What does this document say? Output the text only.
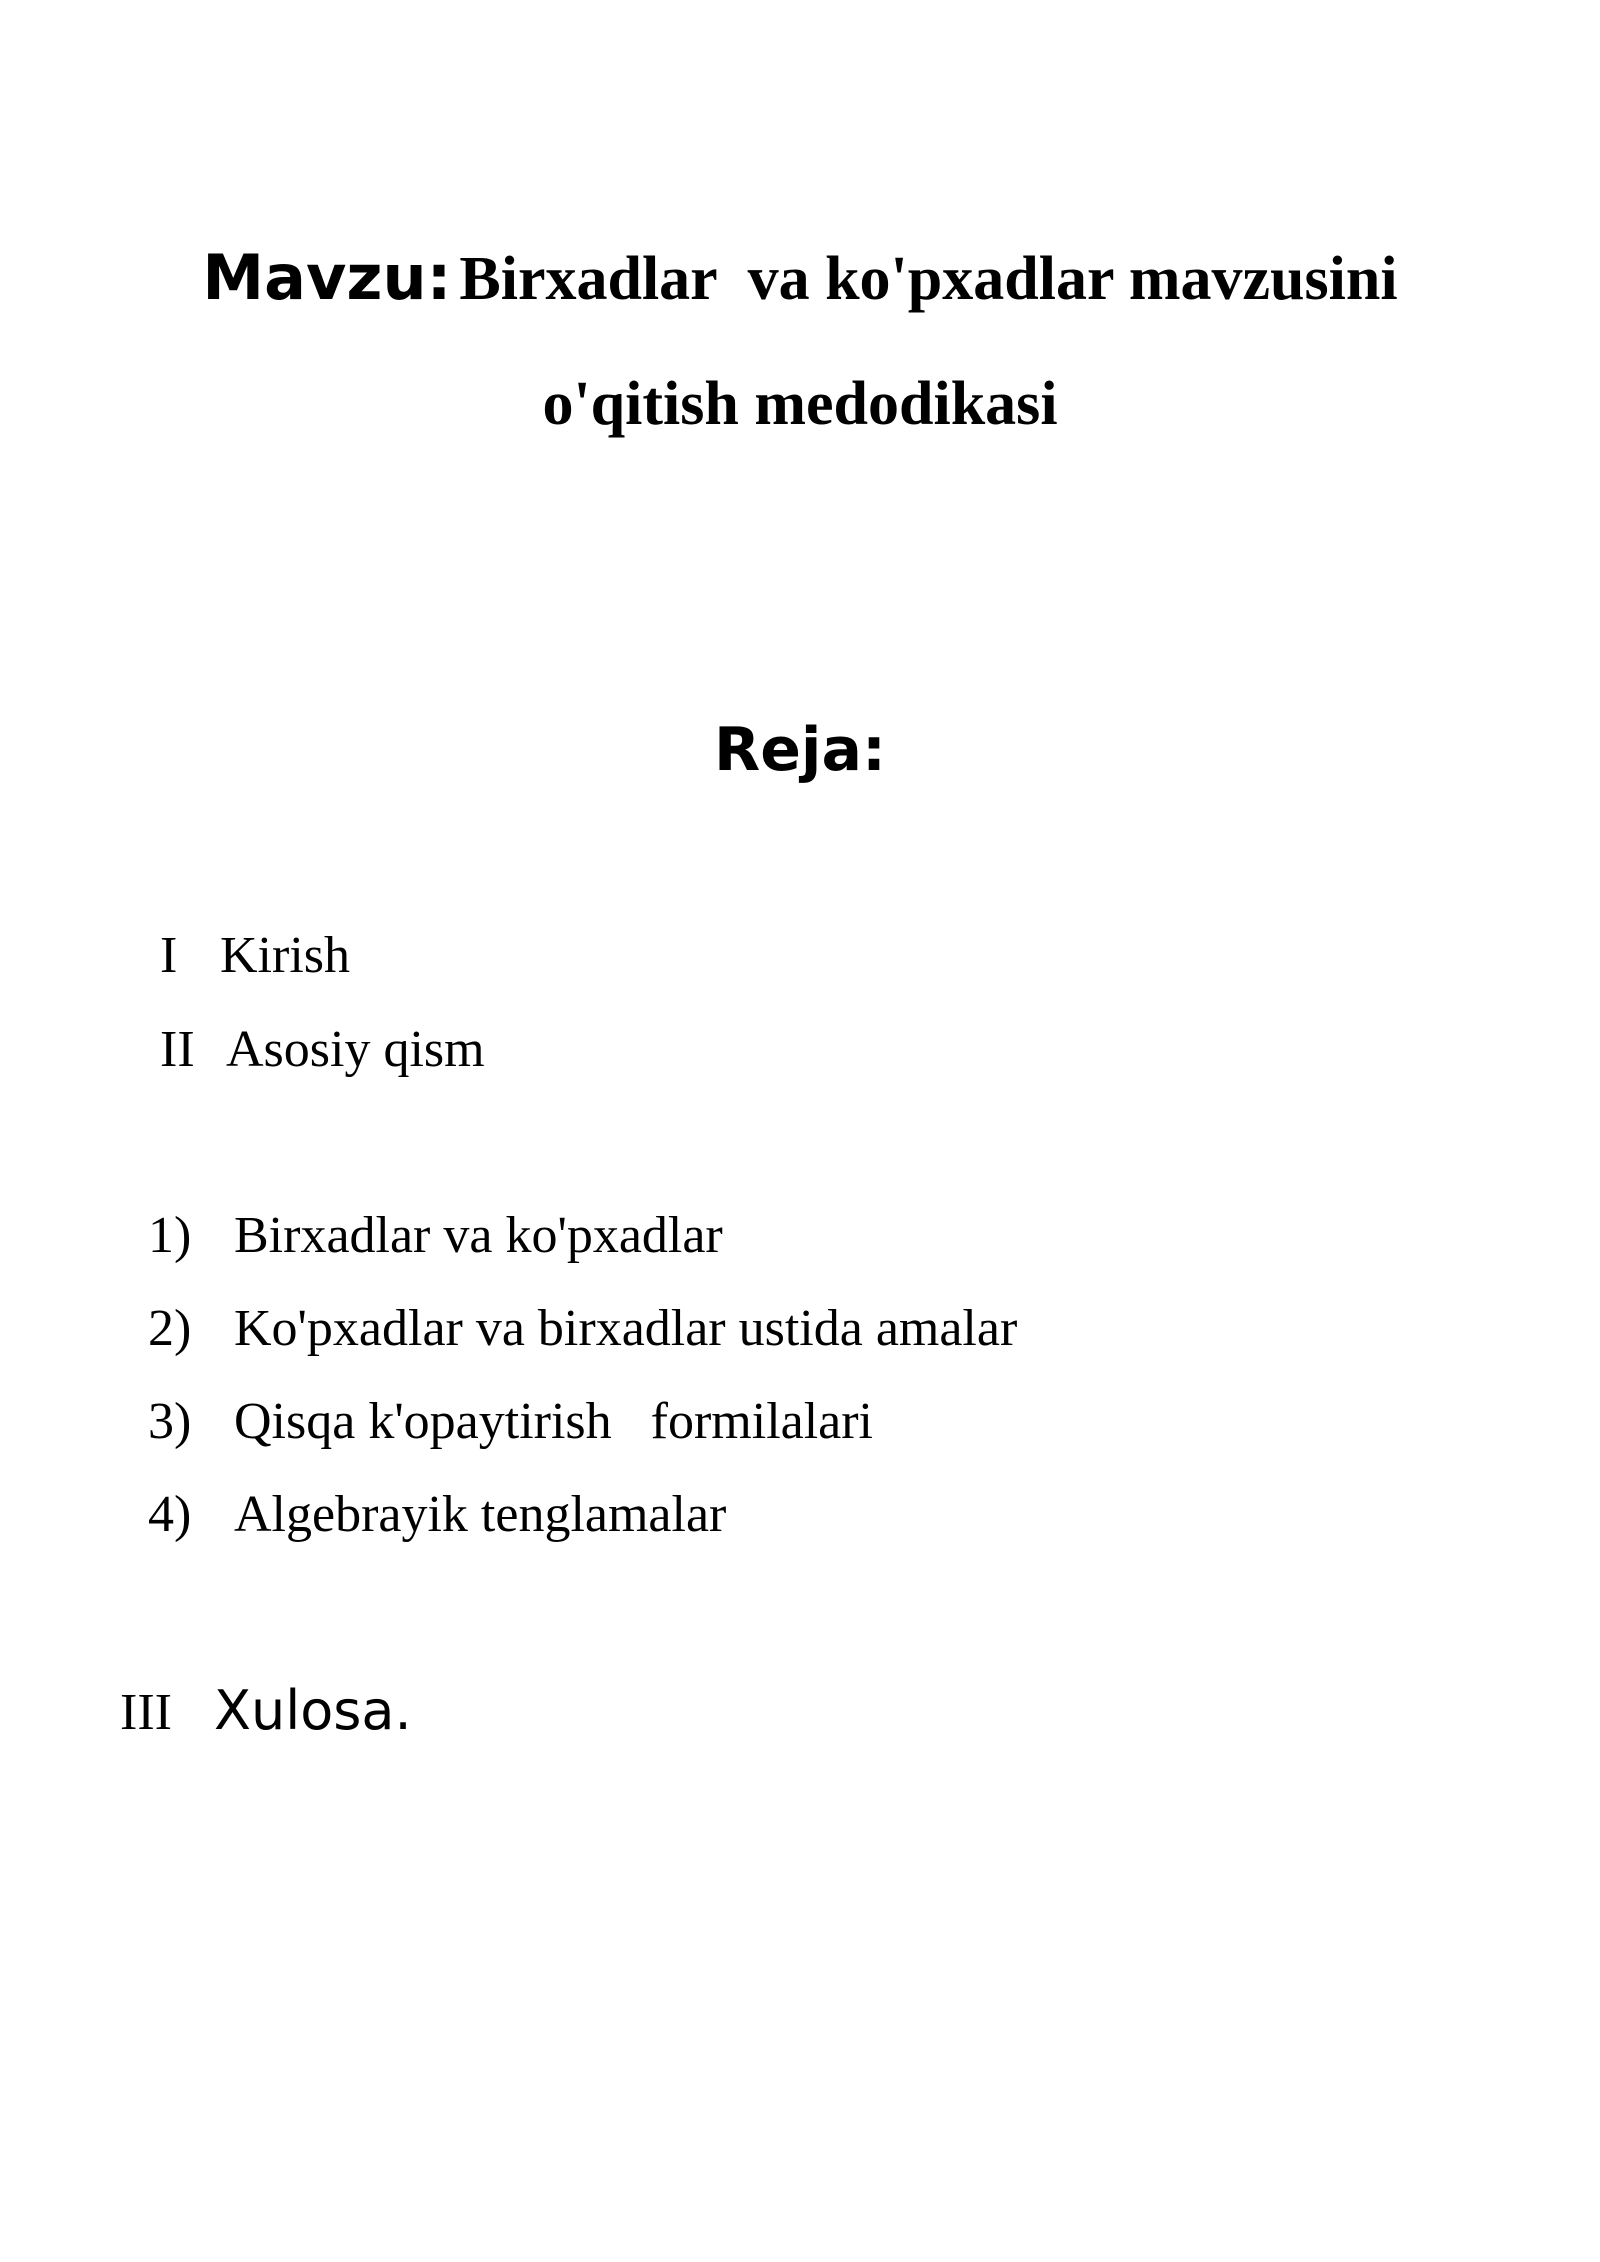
Mavzu: Birxadlar  va ko'pxadlar mavzusini
o'qitish medodikasi
Reja:
I Kirish
II Asosiy qism
1) Birxadlar va ko'pxadlar
2) Ko'pxadlar va birxadlar ustida amalar
3) Qisqa k'opaytirish   formilalari
4) Algebrayik tenglamalar
III Xulosa.
